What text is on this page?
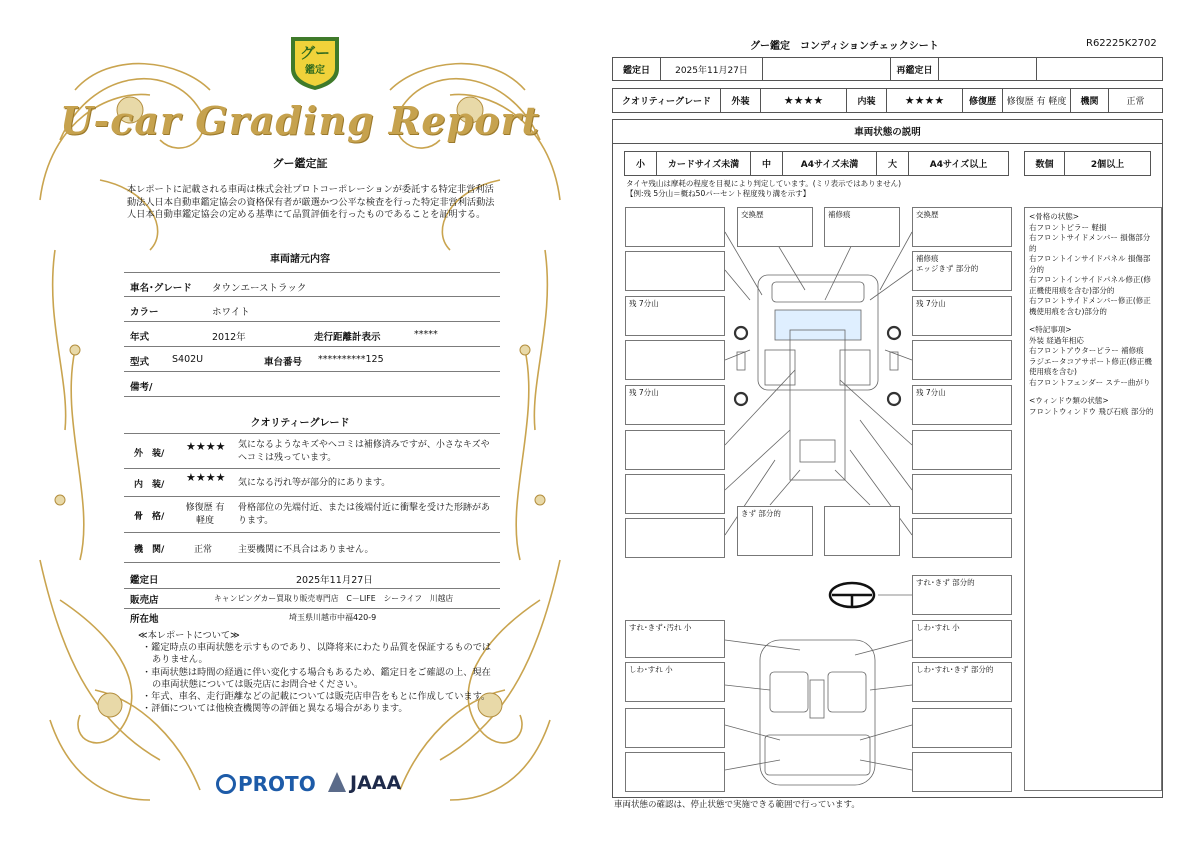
グー
鑑定
U-car Grading Report
グー鑑定証
本レポートに記載される車両は株式会社プロトコーポレーションが委託する特定非営利活動法人日本自動車鑑定協会の資格保有者が厳選かつ公平な検査を行った特定非営利活動法人日本自動車鑑定協会の定める基準にて品質評価を行ったものであることを証明する。
車両諸元内容
車名･グレード タウンエーストラック
カラー	ホワイト
年式	2012年	走行距離計表示	*****
型式 S402U	車台番号 **********125
備考/
クオリティーグレード
外　装/
★★★★ 気になるようなキズやヘコミは補修済みですが、小さなキズやヘコミは残っています。
内　装/
★★★★ 気になる汚れ等が部分的にあります。
骨　格/
修復歴 有 軽度
骨格部位の先端付近、または後端付近に衝撃を受けた形跡があります。
機　関/	正常	主要機関に不具合はありません。
鑑定日	2025年11月27日
販売店	キャンピングカー買取り販売専門店　C－LIFE　シーライフ　川越店
所在地	埼玉県川越市中福420-9
≪本レポートについて≫
・鑑定時点の車両状態を示すものであり、以降将来にわたり品質を保証するものではありません。
・車両状態は時間の経過に伴い変化する場合もあるため、鑑定日をご確認の上、現在の車両状態については販売店にお問合せください。
・年式、車名、走行距離などの記載については販売店申告をもとに作成しています。
・評価については他検査機関等の評価と異なる場合があります。
PROTO	JAAA
グー鑑定　コンディションチェックシート	R62225K2702
鑑定日	2025年11月27日	再鑑定日
クオリティーグレード	外装	★★★★	内装	★★★★	修復歴	修復歴 有 軽度	機関	正常
車両状態の説明
小	カードサイズ未満	中	A4サイズ未満	大	A4サイズ以上	数個	2個以上
タイヤ残山は摩耗の程度を目視により判定しています。(ミリ表示ではありません)
【例:残 5分山＝概ね50パーセント程度残り溝を示す】
残 7分山
残 7分山
すれ･きず･汚れ 小
しわ･すれ 小
交換歴	補修痕
きず 部分的
交換歴
補修痕
エッジきず 部分的
残 7分山
残 7分山
すれ･きず 部分的
しわ･すれ 小
しわ･すれ･きず 部分的
<骨格の状態>
右フロントピラー 軽損
右フロントサイドメンバー 損傷部分的
右フロントインサイドパネル 損傷部分的
右フロントインサイドパネル修正(修正機使用痕を含む)部分的
右フロントサイドメンバー修正(修正機使用痕を含む)部分的
<特記事項>
外装 経過年相応
右フロントアウターピラー 補修痕
ラジエータコアサポート修正(修正機使用痕を含む)
右フロントフェンダー ステー曲がり
<ウィンドウ類の状態>
フロントウィンドウ 飛び石痕 部分的
車両状態の確認は、停止状態で実施できる範囲で行っています。
